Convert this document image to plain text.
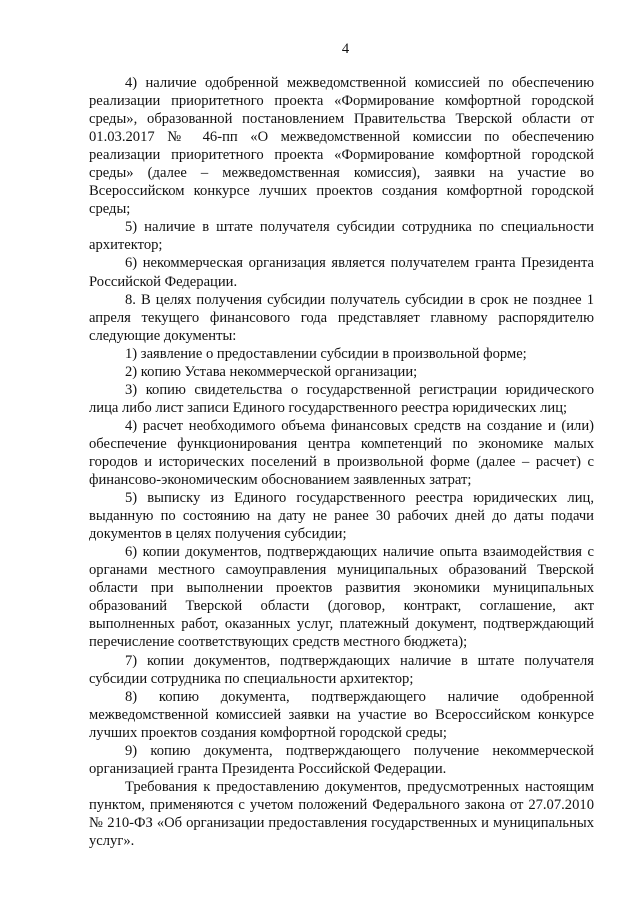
4

4) наличие одобренной межведомственной комиссией по обеспечению реализации приоритетного проекта «Формирование комфортной городской среды», образованной постановлением Правительства Тверской области от 01.03.2017 № 46-пп «О межведомственной комиссии по обеспечению реализации приоритетного проекта «Формирование комфортной городской среды» (далее – межведомственная комиссия), заявки на участие во Всероссийском конкурсе лучших проектов создания комфортной городской среды;

5) наличие в штате получателя субсидии сотрудника по специальности архитектор;

6) некоммерческая организация является получателем гранта Президента Российской Федерации.

8. В целях получения субсидии получатель субсидии в срок не позднее 1 апреля текущего финансового года представляет главному распорядителю следующие документы:

1) заявление о предоставлении субсидии в произвольной форме;

2) копию Устава некоммерческой организации;

3) копию свидетельства о государственной регистрации юридического лица либо лист записи Единого государственного реестра юридических лиц;

4) расчет необходимого объема финансовых средств на создание и (или) обеспечение функционирования центра компетенций по экономике малых городов и исторических поселений в произвольной форме (далее – расчет) с финансово-экономическим обоснованием заявленных затрат;

5) выписку из Единого государственного реестра юридических лиц, выданную по состоянию на дату не ранее 30 рабочих дней до даты подачи документов в целях получения субсидии;

6) копии документов, подтверждающих наличие опыта взаимодействия с органами местного самоуправления муниципальных образований Тверской области при выполнении проектов развития экономики муниципальных образований Тверской области (договор, контракт, соглашение, акт выполненных работ, оказанных услуг, платежный документ, подтверждающий перечисление соответствующих средств местного бюджета);

7) копии документов, подтверждающих наличие в штате получателя субсидии сотрудника по специальности архитектор;

8) копию документа, подтверждающего наличие одобренной межведомственной комиссией заявки на участие во Всероссийском конкурсе лучших проектов создания комфортной городской среды;

9) копию документа, подтверждающего получение некоммерческой организацией гранта Президента Российской Федерации.

Требования к предоставлению документов, предусмотренных настоящим пунктом, применяются с учетом положений Федерального закона от 27.07.2010 № 210-ФЗ «Об организации предоставления государственных и муниципальных услуг».
